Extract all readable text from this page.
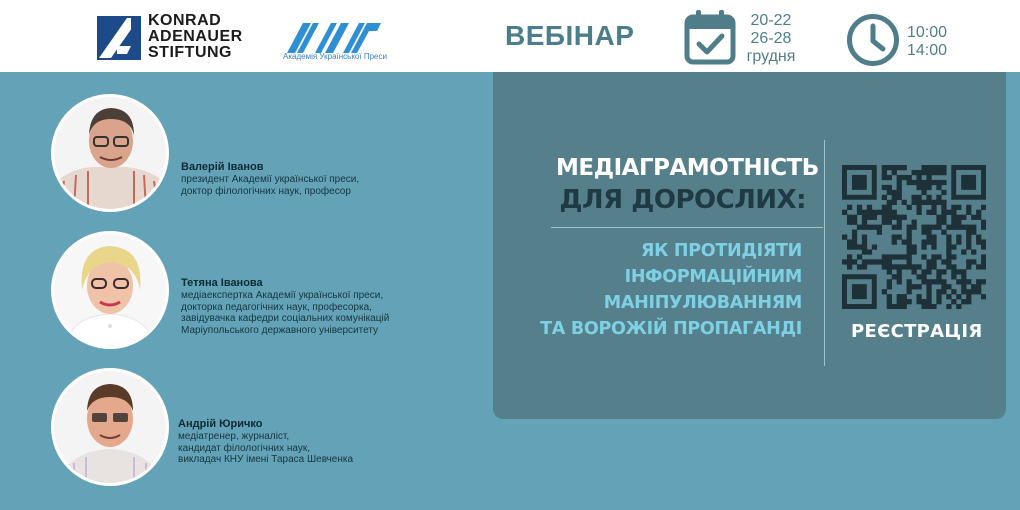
KONRAD
ADENAUER
STIFTUNG	Академія Української Преси
ВЕБІНАР	20-22
26-28
грудня
10:00
14:00
Валерій Іванов
президент Академії української преси,
доктор філологічних наук, професор
Тетяна Іванова
медіаекспертка Академії української преси,
докторка педагогічних наук, професорка,
завідувачка кафедри соціальних комунікацій
Маріупольського державного університету
Андрій Юричко
медіатренер, журналіст,
кандидат філологічних наук,
викладач КНУ імені Тараса Шевченка
МЕДІАГРАМОТНІСТЬ
ДЛЯ ДОРОСЛИХ:
ЯК ПРОТИДІЯТИ
ІНФОРМАЦІЙНИМ
МАНІПУЛЮВАННЯМ
ТА ВОРОЖІЙ ПРОПАГАНДІ	РЕЄСТРАЦІЯ
